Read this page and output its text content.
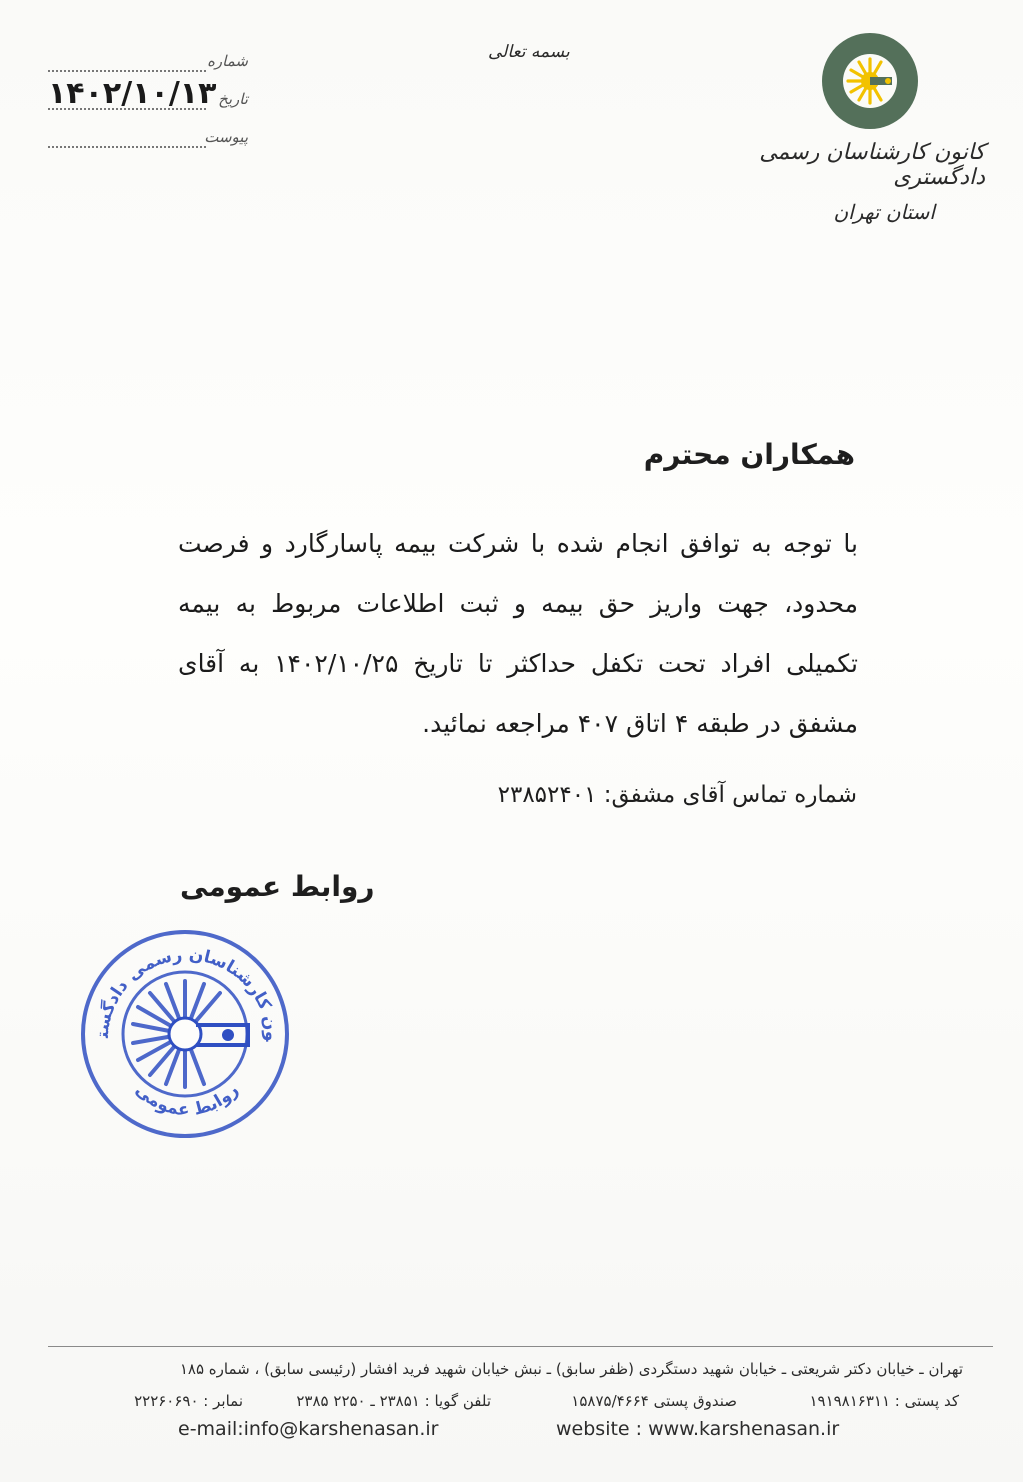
شماره
تاریخ
۱۴۰۲/۱۰/۱۳
پیوست
بسمه تعالی
کانون کارشناسان رسمی دادگستری
استان تهران
همکاران محترم
با توجه به توافق انجام شده با شرکت بیمه پاسارگارد و فرصت محدود، جهت واریز حق بیمه و ثبت اطلاعات مربوط به بیمه تکمیلی افراد تحت تکفل حداکثر تا تاریخ ۱۴۰۲/۱۰/۲۵ به آقای مشفق در طبقه ۴ اتاق ۴۰۷ مراجعه نمائید.
شماره تماس آقای مشفق: ۲۳۸۵۲۴۰۱
روابط عمومی
ون کارشناسان رسمی دادگست
روابط عمومی
تهران ـ خیابان دکتر شریعتی ـ خیابان شهید دستگردی (ظفر سابق) ـ نبش خیابان شهید فرید افشار (رئیسی سابق) ، شماره ۱۸۵
کد پستی : ۱۹۱۹۸۱۶۳۱۱
صندوق پستی ۱۵۸۷۵/۴۶۶۴
تلفن گویا : ۲۳۸۵۱ ـ ۲۲۵۰ ۲۳۸۵
نمابر : ۲۲۲۶۰۶۹۰
website : www.karshenasan.ir
e-mail:info@karshenasan.ir
